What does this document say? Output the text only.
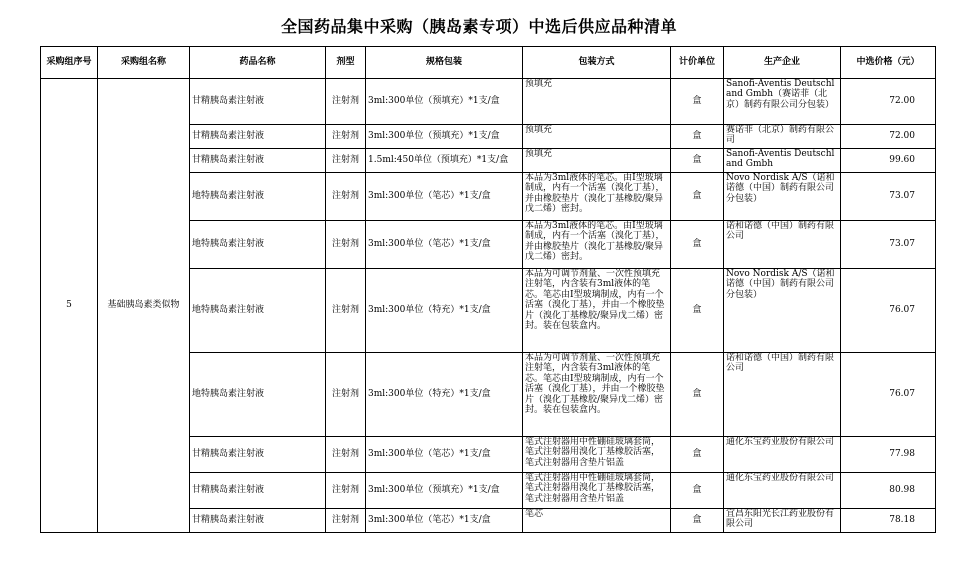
全国药品集中采购（胰岛素专项）中选后供应品种清单
采购组序号	采购组名称	药品名称	剂型	规格包装	包装方式	计价单位	生产企业	中选价格（元）
5	基础胰岛素类似物	甘精胰岛素注射液	注射剂	3ml:300单位（预填充）*1支/盒	预填充	盒	Sanofi-Aventis Deutschland Gmbh（赛诺菲（北京）制药有限公司分包装）	72.00
		甘精胰岛素注射液	注射剂	3ml:300单位（预填充）*1支/盒	预填充	盒	赛诺菲（北京）制药有限公司	72.00
		甘精胰岛素注射液	注射剂	1.5ml:450单位（预填充）*1支/盒	预填充	盒	Sanofi-Aventis Deutschland Gmbh	99.60
		地特胰岛素注射液	注射剂	3ml:300单位（笔芯）*1支/盒	本品为3ml液体的笔芯。由I型玻璃制成，内有一个活塞（溴化丁基），并由橡胶垫片（溴化丁基橡胶/聚异戊二烯）密封。	盒	Novo Nordisk A/S（诺和诺德（中国）制药有限公司分包装）	73.07
		地特胰岛素注射液	注射剂	3ml:300单位（笔芯）*1支/盒	本品为3ml液体的笔芯。由I型玻璃制成，内有一个活塞（溴化丁基），并由橡胶垫片（溴化丁基橡胶/聚异戊二烯）密封。	盒	诺和诺德（中国）制药有限公司	73.07
		地特胰岛素注射液	注射剂	3ml:300单位（特充）*1支/盒	本品为可调节剂量、一次性预填充注射笔，内含装有3ml液体的笔芯。笔芯由I型玻璃制成，内有一个活塞（溴化丁基），并由一个橡胶垫片（溴化丁基橡胶/聚异戊二烯）密封。装在包装盒内。	盒	Novo Nordisk A/S（诺和诺德（中国）制药有限公司分包装）	76.07
		地特胰岛素注射液	注射剂	3ml:300单位（特充）*1支/盒	本品为可调节剂量、一次性预填充注射笔，内含装有3ml液体的笔芯。笔芯由I型玻璃制成，内有一个活塞（溴化丁基），并由一个橡胶垫片（溴化丁基橡胶/聚异戊二烯）密封。装在包装盒内。	盒	诺和诺德（中国）制药有限公司	76.07
		甘精胰岛素注射液	注射剂	3ml:300单位（笔芯）*1支/盒	笔式注射器用中性硼硅玻璃套筒，笔式注射器用溴化丁基橡胶活塞，笔式注射器用含垫片铝盖	盒	通化东宝药业股份有限公司	77.98
		甘精胰岛素注射液	注射剂	3ml:300单位（预填充）*1支/盒	笔式注射器用中性硼硅玻璃套筒，笔式注射器用溴化丁基橡胶活塞，笔式注射器用含垫片铝盖	盒	通化东宝药业股份有限公司	80.98
		甘精胰岛素注射液	注射剂	3ml:300单位（笔芯）*1支/盒	笔芯	盒	宜昌东阳光长江药业股份有限公司	78.18
